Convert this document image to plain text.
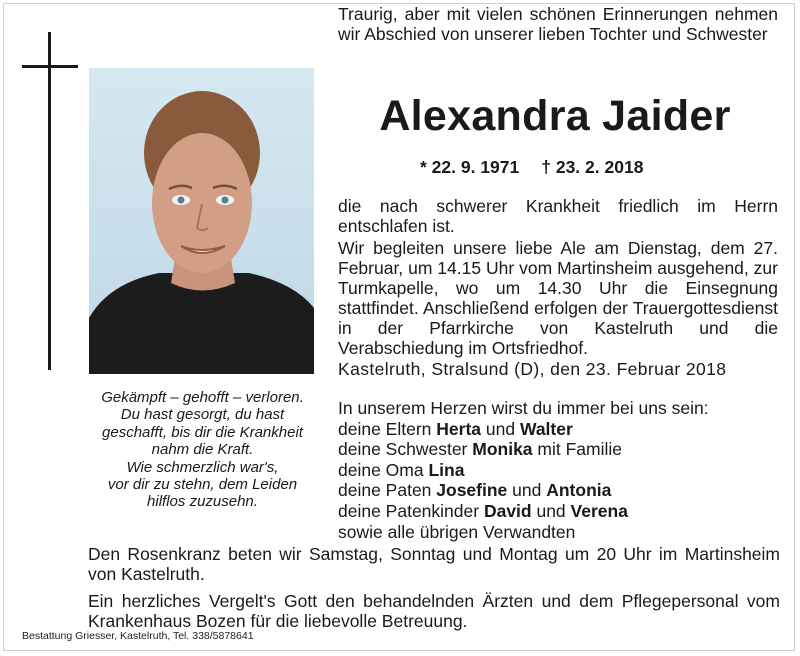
Traurig, aber mit vielen schönen Erinnerungen nehmen wir Abschied von unserer lieben Tochter und Schwester
Alexandra Jaider
* 22. 9. 1971 † 23. 2. 2018
die nach schwerer Krankheit friedlich im Herrn entschlafen ist.
Wir begleiten unsere liebe Ale am Dienstag, dem 27. Februar, um 14.15 Uhr vom Martinsheim ausgehend, zur Turmkapelle, wo um 14.30 Uhr die Einsegnung stattfindet. Anschließend erfolgen der Trauergottesdienst in der Pfarrkirche von Kastelruth und die Verabschiedung im Ortsfriedhof.
Kastelruth, Stralsund (D), den 23. Februar 2018
In unserem Herzen wirst du immer bei uns sein:
deine Eltern Herta und Walter
deine Schwester Monika mit Familie
deine Oma Lina
deine Paten Josefine und Antonia
deine Patenkinder David und Verena
sowie alle übrigen Verwandten
Gekämpft – gehofft – verloren.
Du hast gesorgt, du hast
geschafft, bis dir die Krankheit
nahm die Kraft.
Wie schmerzlich war's,
vor dir zu stehn, dem Leiden
hilflos zuzusehn.
Den Rosenkranz beten wir Samstag, Sonntag und Montag um 20 Uhr im Martinsheim von Kastelruth.
Ein herzliches Vergelt's Gott den behandelnden Ärzten und dem Pflegepersonal vom Krankenhaus Bozen für die liebevolle Betreuung.
Bestattung Griesser, Kastelruth, Tel. 338/5878641
